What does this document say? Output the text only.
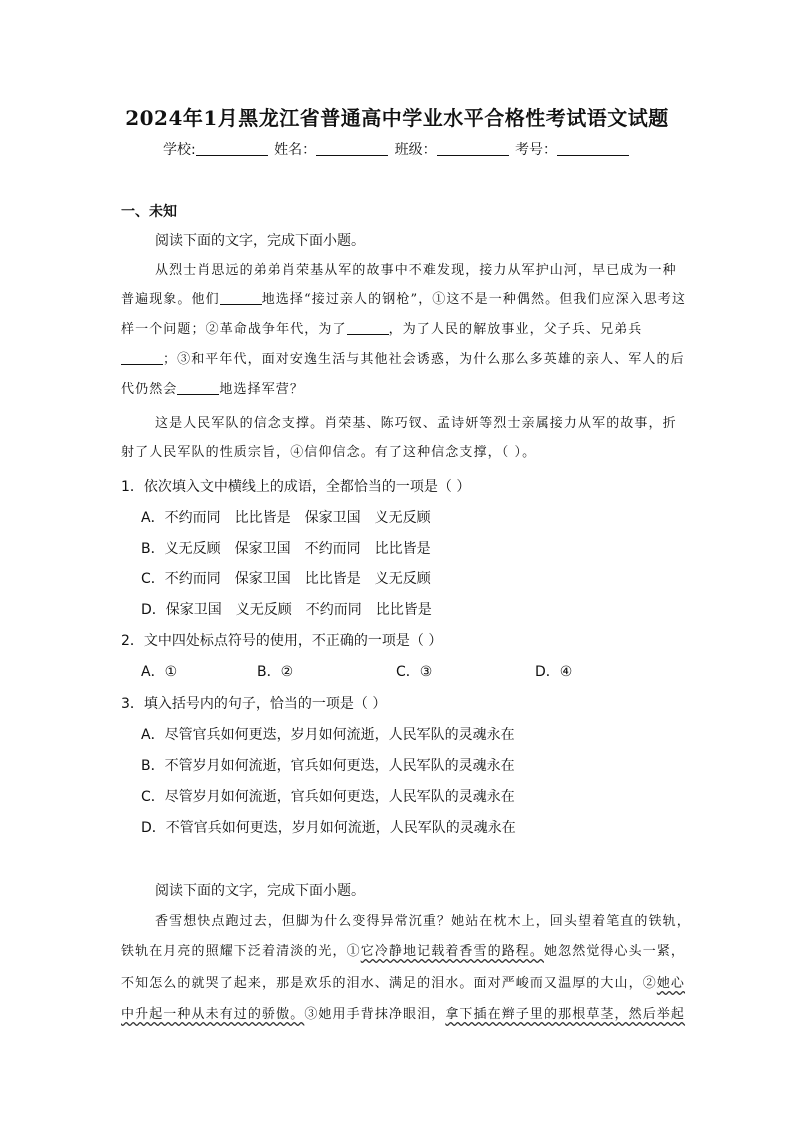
2024年1月黑龙江省普通高中学业水平合格性考试语文试题
学校:	姓名：	班级：	考号：
一、未知
阅读下面的文字，完成下面小题。
从烈士肖思远的弟弟肖荣基从军的故事中不难发现，接力从军护山河，早已成为一种
普遍现象。他们	地选择“接过亲人的钢枪”，①这不是一种偶然。但我们应深入思考这
样一个问题；②革命战争年代，为了	，为了人民的解放事业，父子兵、兄弟兵
；③和平年代，面对安逸生活与其他社会诱惑，为什么那么多英雄的亲人、军人的后
代仍然会	地选择军营？
这是人民军队的信念支撑。肖荣基、陈巧钗、孟诗妍等烈士亲属接力从军的故事，折
射了人民军队的性质宗旨，④信仰信念。有了这种信念支撑，（ ）。
1．依次填入文中横线上的成语，全都恰当的一项是（ ）
A．不约而同　比比皆是　保家卫国　义无反顾
B．义无反顾　保家卫国　不约而同　比比皆是
C．不约而同　保家卫国　比比皆是　义无反顾
D．保家卫国　义无反顾　不约而同　比比皆是
2．文中四处标点符号的使用，不正确的一项是（ ）
A．①	B．②	C．③	D．④
3．填入括号内的句子，恰当的一项是（ ）
A．尽管官兵如何更迭，岁月如何流逝，人民军队的灵魂永在
B．不管岁月如何流逝，官兵如何更迭，人民军队的灵魂永在
C．尽管岁月如何流逝，官兵如何更迭，人民军队的灵魂永在
D．不管官兵如何更迭，岁月如何流逝，人民军队的灵魂永在
阅读下面的文字，完成下面小题。
香雪想快点跑过去，但脚为什么变得异常沉重？她站在枕木上，回头望着笔直的铁轨，
铁轨在月亮的照耀下泛着清淡的光，①它冷静地记载着香雪的路程。她忽然觉得心头一紧，
不知怎么的就哭了起来，那是欢乐的泪水、满足的泪水。面对严峻而又温厚的大山，②她心
中升起一种从未有过的骄傲。③她用手背抹净眼泪，拿下插在辫子里的那根草茎，然后举起
